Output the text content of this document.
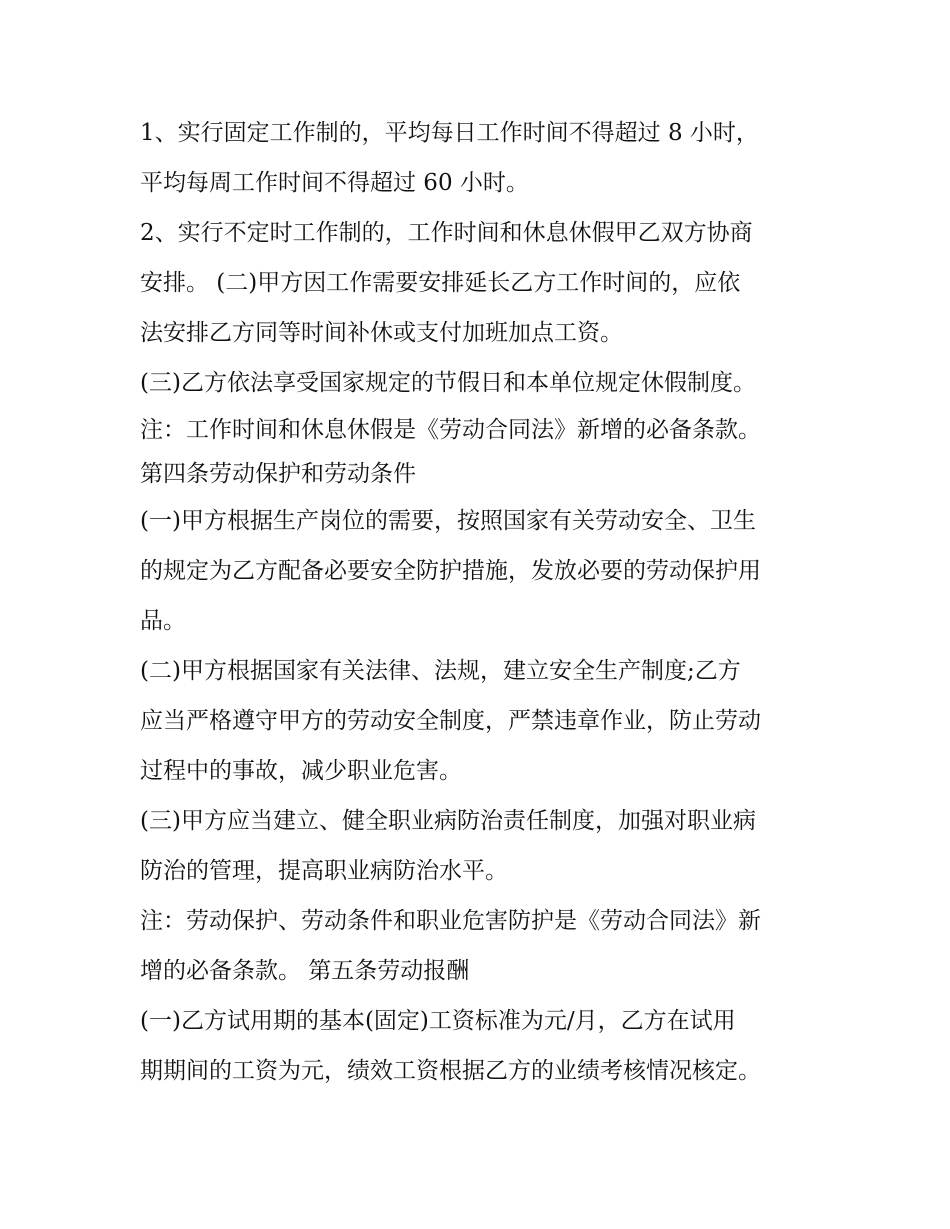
1、实行固定工作制的，平均每日工作时间不得超过 8 小时，
平均每周工作时间不得超过 60 小时。
2、实行不定时工作制的，工作时间和休息休假甲乙双方协商
安排。 (二)甲方因工作需要安排延长乙方工作时间的，应依
法安排乙方同等时间补休或支付加班加点工资。
(三)乙方依法享受国家规定的节假日和本单位规定休假制度。
注：工作时间和休息休假是《劳动合同法》新增的必备条款。
第四条劳动保护和劳动条件
(一)甲方根据生产岗位的需要，按照国家有关劳动安全、卫生
的规定为乙方配备必要安全防护措施，发放必要的劳动保护用
品。
(二)甲方根据国家有关法律、法规，建立安全生产制度;乙方
应当严格遵守甲方的劳动安全制度，严禁违章作业，防止劳动
过程中的事故，减少职业危害。
(三)甲方应当建立、健全职业病防治责任制度，加强对职业病
防治的管理，提高职业病防治水平。
注：劳动保护、劳动条件和职业危害防护是《劳动合同法》新
增的必备条款。 第五条劳动报酬
(一)乙方试用期的基本(固定)工资标准为元/月，乙方在试用
期期间的工资为元，绩效工资根据乙方的业绩考核情况核定。
